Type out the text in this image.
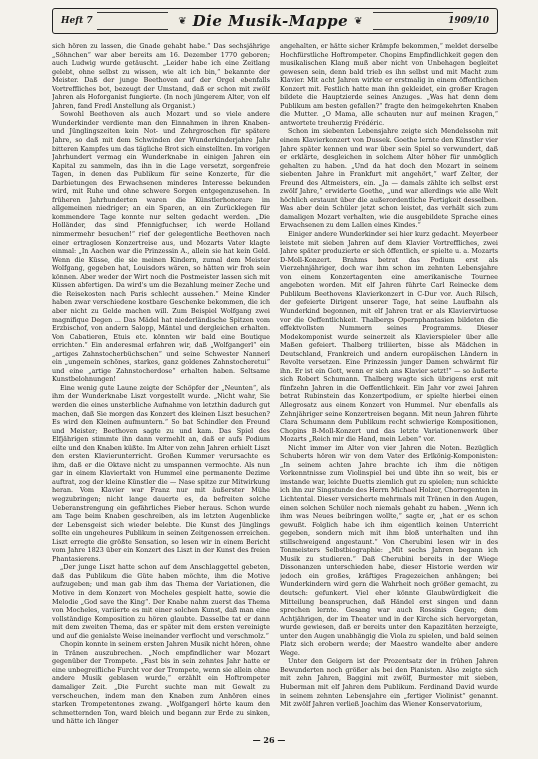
Heft 7	❦ Die Musik-Mappe ❦	1909/10

sich hören zu lassen, die Gnade gehabt habe.“ Das sechsjährige „Söhnchen“ war aber bereits am 16. Dezember 1770 geboren; auch Ludwig wurde getäuscht. „Leider habe ich eine Zeitlang gelebt, ohne selbst zu wissen, wie alt ich bin,“ bekannte der Meister. Daß der junge Beethoven auf der Orgel ebenfalls Vortreffliches bot, bezeugt der Umstand, daß er schon mit zwölf Jahren als Hoforganist fungierte. (In noch jüngerem Alter, von elf Jahren, fand Fredl Anstellung als Organist.)

Sowohl Beethoven als auch Mozart und so viele andere Wunderkinder verdiente man den Einnahmen in ihren Knaben- und Jünglingszeiten kein Not- und Zehrgroschen für spätere Jahre, so daß mit dem Schwinden der Wunderkinderjahre Jahr bitteren Kampfes um das tägliche Brot sich einstellten. Im vorigen Jahrhundert vermag ein Wunderknabe in einigen Jahren ein Kapital zu sammeln, das ihn in die Lage versetzt, sorgenfreie Tagen, in denen das Publikum für seine Konzerte, für die Darbietungen des Erwachsenen minderes Interesse bekunden wird, mit Ruhe und ohne schwere Sorgen entgegenzusehen. In früheren Jahrhunderten waren die Künstlerhonorare im allgemeinen niedriger; an ein Sparen, an ein Zurücklegen für kommendere Tage konnte nur selten gedacht werden. „Die Holländer, das sind Pfennigfuchser, ich werde Holland nimmermehr besuchen!“ rief der gelegentliche Beethoven nach einer ertraglosen Konzertreise aus, und Mozarts Vater klagte einmal: „In Aachen war die Prinzessin A., allein sie hat kein Geld. Wenn die Küsse, die sie meinen Kindern, zumal dem Meister Wolfgang, gegeben hat, Louisdors wären, so hätten wir froh sein können. Aber weder der Wirt noch die Postmeister lassen sich mit Küssen abfertigen. Da wird's um die Bezahlung meiner Zeche und die Reisekosten nach Paris schlecht aussehen.“ Meine Kinder haben zwar verschiedene kostbare Geschenke bekommen, die ich aber nicht zu Gelde machen will. Zum Beispiel Wolfgang zwei magnifique Degen ... Das Mädel hat niederländische Spitzen vom Erzbischof, von andern Salopp, Mäntel und dergleichen erhalten. Von Cabatieren, Etuis etc. könnten wir bald eine Boutique errichten.“ Ein anderesmal erfahren wir, daß „Wolfgangerl“ ein „artiges Zahnstocherbüchschen“ und seine Schwester Nannerl ein „ungemein schönes, starkes, ganz goldenes Zahnstocheretui“ und eine „artige Zahnstocherdose“ erhalten haben. Seltsame Kunstbelohnungen!

Eine wenig gute Laune zeigte der Schöpfer der „Neunten“, als ihm der Wunderknabe Liszt vorgestellt wurde. „Nicht wahr, Sie werden die eines unsterbliche Aufnahme von letzthin dadurch gut machen, daß Sie morgen das Konzert des kleinen Liszt besuchen? Es wird den Kleinen aufmuntern.“ So bat Schindler den Freund und Meister; Beethoven sagte zu und kam. Das Spiel des Elfjährigen stimmte ihn dann vermehlt an, daß er aufs Podium eilte und den Knaben küßte. Im Alter von zehn Jahren erhielt Liszt den ersten Klavierunterricht. Großen Kummer verursachte es ihm, daß er die Oktave nicht zu umspannen vermochte. Als nun gar in einem Klaviertakt von Hummel eine permanente Dezime auftrat, zog der kleine Künstler die — Nase spitze zur Mitwirkung heran. Vom Klavier war Franz nur mit äußerster Mühe wegzubringen; nicht lange dauerte es, da befreiten solche Ueberanstrengung ein gefährliches Fieber heraus. Schon wurde am Tage beim Knaben geschreiben, als im letzten Augenblicke der Lebensgeist sich wieder belebte. Die Kunst des Jünglings sollte ein ungeheures Publikum in seinen Zeitgenossen erreichen. Liszt erregte die größte Sensation, so lesen wir in einem Bericht vom Jahre 1823 über ein Konzert des Liszt in der Kunst des freien Phantasierens.

„Der junge Liszt hatte schon auf dem Anschlaggettel gebeten, daß das Publikum die Güte haben möchte, ihm die Motive aufzugeben; und man gab ihm das Thema der Variationen, die Motive in dem Konzert von Mocheles gespielt hatte, sowie die Melodie „God save the King“. Der Knabe nahm zuerst das Thema von Mocheles, variierte es mit einer solchen Kunst, daß man eine vollständige Komposition zu hören glaubte. Dasselbe tat er dann mit dem zweiten Thema, das er später mit dem ersten vereinigte und auf die genialste Weise ineinander verflocht und verschmolz.“

Chopin konnte in seinem ersten Jahren Musik nicht hören, ohne in Tränen auszubrechen. „Noch empfindlicher war Mozart gegenüber der Trompete. „Fast bis in sein zehntes Jahr hatte er eine unbegreifliche Furcht vor der Trompete, wenn sie allein ohne andere Musik geblasen wurde,“ erzählt ein Hoftrompeter damaliger Zeit. „Die Furcht suchte man mit Gewalt zu verscheuchen, indem man den Knaben zum Anhören eines starken Trompetentones zwang. „Wolfgangerl hörte kaum den schmetternden Ton, ward bleich und begann zur Erde zu sinken, und hätte ich länger

angehalten, er hätte sicher Krämpfe bekommen,“ meldet derselbe Hochfürstliche Hoftrompeter. Chopins Empfindlichkeit gegen den musikalischen Klang muß aber nicht von Unbehagen begleitet gewesen sein, denn bald trieb es ihn selbst und mit Macht zum Klavier. Mit acht Jahren wirkte er erstmalig in einem öffentlichen Konzert mit. Festlich hatte man ihn gekleidet, ein großer Kragen bildete die Hauptzierde seines Anzuges. „Was hat denn dem Publikum am besten gefallen?“ fragte den heimgekehrten Knaben die Mutter. „O Mama, alle schauten nur auf meinen Kragen,“ antwortete treuherzig Frédéric.

Schon im siebenten Lebensjahre zeigte sich Mendelssohn mit einem Klavierkonzert von Dussek. Goethe lernte den Künstler vier Jahre später kennen und war über sein Spiel so verwundert, daß er erklärte, desgleichen in solchem Alter höher für unmöglich gehalten zu haben. „Und da hat doch den Mozart in seinem siebenten Jahre in Frankfurt mit angehört,“ warf Zelter, der Freund des Altmeisters, ein. „Ja — damals zählte ich selbst erst zwölf Jahre,“ erwiderte Goethe, „und war allerdings wie alle Welt höchlich erstaunt über die außerordentliche Fertigkeit desselben. Was aber dein Schüler jetzt schon leistet, das verhält sich zum damaligen Mozart verhalten, wie die ausgebildete Sprache eines Erwachsenen zu dem Lallen eines Kindes.“

Einiger andere Wunderkinder sei hier kurz gedacht. Meyerbeer leistete mit sieben Jahren auf dem Klavier Vortreffliches, zwei Jahre später produzierte er sich öffentlich, er spielte u. a. Mozarts D-Moll-Konzert. Brahms betrat das Podium erst als Vierzehnjähriger, doch war ihm schon im zehnten Lebensjahre von einem Konzertagenten eine amerikanische Tournee angeboten worden. Mit elf Jahren führte Carl Reinecke dem Publikum Beethovens Klavierkonzert in C-Dur vor. Auch Rilsch, der gefeierte Dirigent unserer Tage, hat seine Laufbahn als Wunderkind begonnen, mit elf Jahren trat er als Klaviervirtuose vor die Oeffentlichkeit. Thalbergs Opernphantasien bildeten die effektvollsten Nummern seines Programms. Dieser Modekomponist wurde seinerzeit als Klavierspieler über alle Maßen gefeiert. Thalberg triliierten, bisse als Mädchen in Deutschland, Frankreich und andern europäischen Ländern in Revolte versetzen. Eine Prinzessin junger Damen schwärmt für ihn. Er ist ein Gott, wenn er sich ans Klavier setzt!“ — so äußerte sich Robert Schumann. Thalberg wagte sich übrigens erst mit fünfzehn Jahren in die Oeffentlichkeit. Ein Jahr vor zwei Jahren betrat Rubinstein das Konzertpodium, er spielte hierbei einen Allegrosatz aus einem Konzert von Hummel. Nur ebenfalls als Zehnjähriger seine Konzertreisen begann. Mit neun Jahren führte Clara Schumann dem Publikum recht schwierige Kompositionen, Chopins B-Moll-Konzert und das letzte Variationenwerk über Mozarts „Reich mir die Hand, mein Leben“ vor.

Nicht immer im Alter von vier Jahren die Noten. Bezüglich Schuberts hören wir von dem Vater des Erlkönig-Komponisten: „In seinem achten Jahre brachte ich ihm die nötigen Vorkenntnisse zum Violinspiel bei und übte ihn so weit, bis er imstande war, leichte Duetts ziemlich gut zu spielen; nun schickte ich ihn zur Singstunde des Herrn Michael Holzer, Chorregenten in Lichtental. Dieser versicherte mehrmals mit Tränen in den Augen, einen solchen Schüler noch niemals gehabt zu haben. „Wenn ich ihm was Neues beibringen wollte,“ sagte er, „hat er es schon gewußt. Folglich habe ich ihm eigentlich keinen Unterricht gegeben, sondern mich mit ihm bloß unterhalten und ihn stillschweigend angestaunt.“ Von Cherubini lesen wir in des Tonmeisters Selbstbiographie: „Mit sechs Jahren begann ich Musik zu studieren.“ Daß Cherubini bereits in der Wiege Dissonanzen unterschieden habe, dieser Historie werden wir jedoch ein großes, kräftiges Fragezeichen anhängen; bei Wunderkindern wird gern die Wahrheit noch größer gemacht, zu deutsch: gefunkert. Viel eher könnte Glaubwürdigkeit die Mitteilung beanspruchen, daß Händel erst singen und dann sprechen lernte. Gesang war auch Rossinis Gegen; dem Achtjährigen, der im Theater und in der Kirche sich hervorgetan, wurde gewiesen, daß er bereits unter den Kapazitäten herzeigte, unter den Augen unabhängig die Viola zu spielen, und bald seinen Platz sich erobern werde; der Maestro wandelte aber andere Wege.

Unter den Geigern ist der Prozentsatz der in frühen Jahren Bewunderten noch größer als bei den Pianisten. Also zeigte sich mit zehn Jahren, Baggini mit zwölf, Burmester mit sieben, Huberman mit elf Jahren dem Publikum. Ferdinand David wurde in seinem zehnten Lebensjahre ein „fertiger Violinist“ genannt. Mit zwölf Jahren verließ Joachim das Wiener Konservatorium,

— 26 —
